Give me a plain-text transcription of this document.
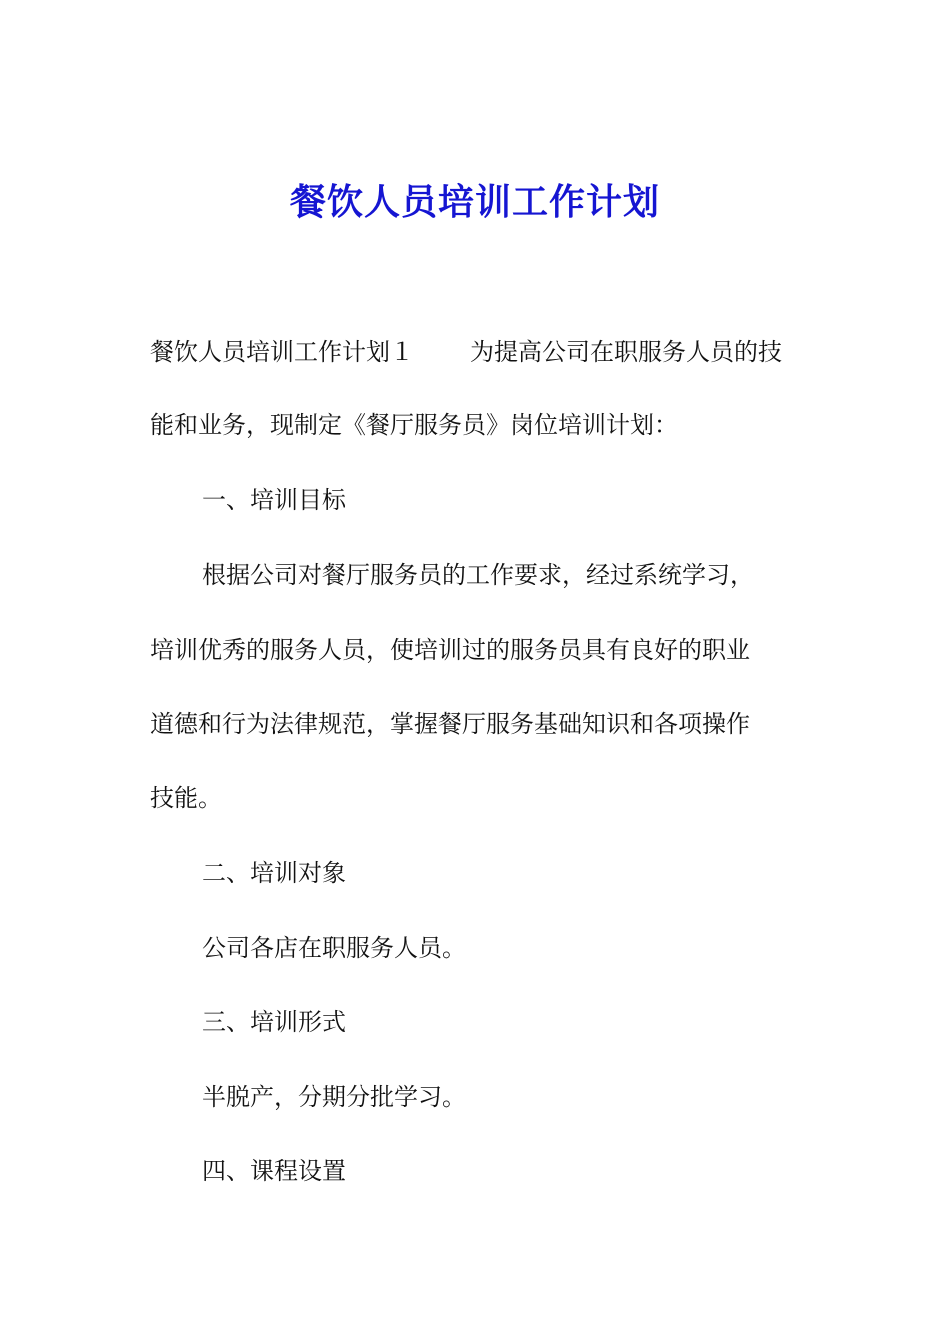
餐饮人员培训工作计划
餐饮人员培训工作计划１ 为提高公司在职服务人员的技
能和业务，现制定《餐厅服务员》岗位培训计划：
一、培训目标
根据公司对餐厅服务员的工作要求，经过系统学习，
培训优秀的服务人员，使培训过的服务员具有良好的职业
道德和行为法律规范，掌握餐厅服务基础知识和各项操作
技能。
二、培训对象
公司各店在职服务人员。
三、培训形式
半脱产，分期分批学习。
四、课程设置
